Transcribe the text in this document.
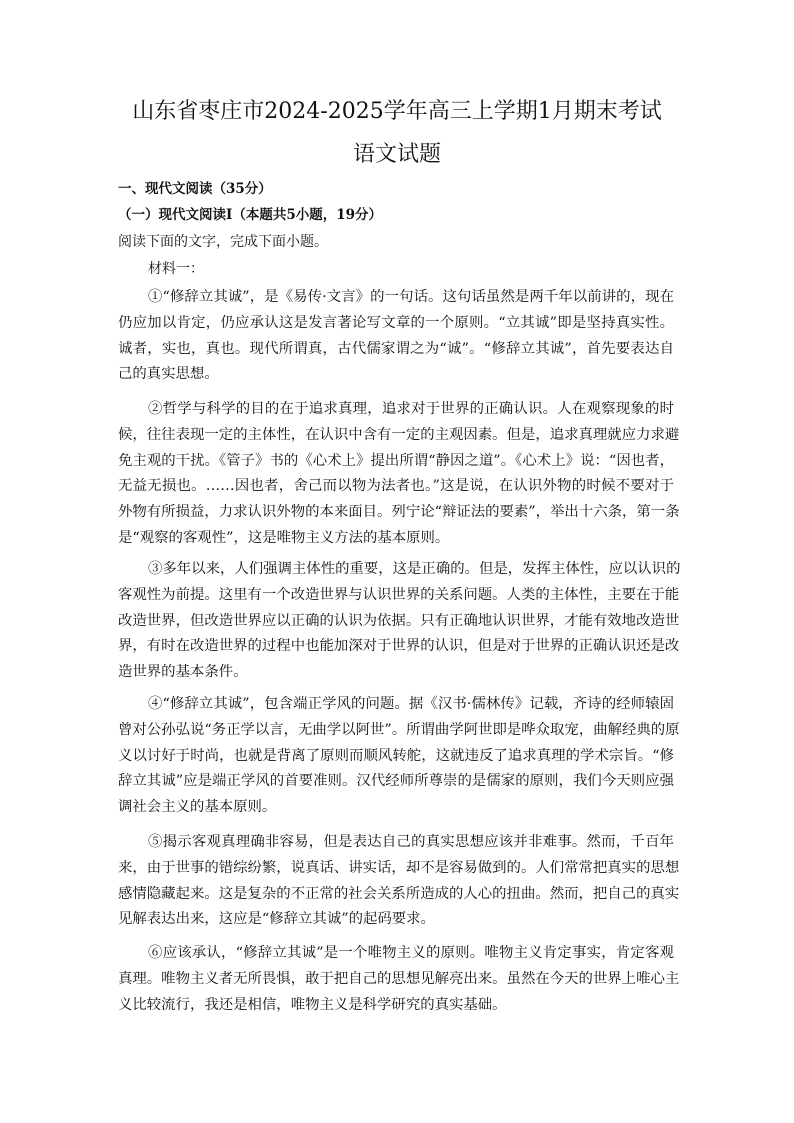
山东省枣庄市2024-2025学年高三上学期1月期末考试
语文试题
一、现代文阅读（35分）
（一）现代文阅读Ⅰ（本题共5小题，19分）
阅读下面的文字，完成下面小题。
材料一：
①“修辞立其诚”，是《易传·文言》的一句话。这句话虽然是两千年以前讲的，现在
仍应加以肯定，仍应承认这是发言著论写文章的一个原则。“立其诚”即是坚持真实性。
诚者，实也，真也。现代所谓真，古代儒家谓之为“诚”。“修辞立其诚”，首先要表达自
己的真实思想。
②哲学与科学的目的在于追求真理，追求对于世界的正确认识。人在观察现象的时
候，往往表现一定的主体性，在认识中含有一定的主观因素。但是，追求真理就应力求避
免主观的干扰。《管子》书的《心术上》提出所谓“静因之道”。《心术上》说：“因也者，
无益无损也。……因也者，舍己而以物为法者也。”这是说，在认识外物的时候不要对于
外物有所损益，力求认识外物的本来面目。列宁论“辩证法的要素”，举出十六条，第一条
是“观察的客观性”，这是唯物主义方法的基本原则。
③多年以来，人们强调主体性的重要，这是正确的。但是，发挥主体性，应以认识的
客观性为前提。这里有一个改造世界与认识世界的关系问题。人类的主体性，主要在于能
改造世界，但改造世界应以正确的认识为依据。只有正确地认识世界，才能有效地改造世
界，有时在改造世界的过程中也能加深对于世界的认识，但是对于世界的正确认识还是改
造世界的基本条件。
④“修辞立其诚”，包含端正学风的问题。据《汉书·儒林传》记载，齐诗的经师辕固
曾对公孙弘说“务正学以言，无曲学以阿世”。所谓曲学阿世即是哗众取宠，曲解经典的原
义以讨好于时尚，也就是背离了原则而顺风转舵，这就违反了追求真理的学术宗旨。“修
辞立其诚”应是端正学风的首要准则。汉代经师所尊崇的是儒家的原则，我们今天则应强
调社会主义的基本原则。
⑤揭示客观真理确非容易，但是表达自己的真实思想应该并非难事。然而，千百年
来，由于世事的错综纷繁，说真话、讲实话，却不是容易做到的。人们常常把真实的思想
感情隐藏起来。这是复杂的不正常的社会关系所造成的人心的扭曲。然而，把自己的真实
见解表达出来，这应是“修辞立其诚”的起码要求。
⑥应该承认，“修辞立其诚”是一个唯物主义的原则。唯物主义肯定事实，肯定客观
真理。唯物主义者无所畏惧，敢于把自己的思想见解亮出来。虽然在今天的世界上唯心主
义比较流行，我还是相信，唯物主义是科学研究的真实基础。
